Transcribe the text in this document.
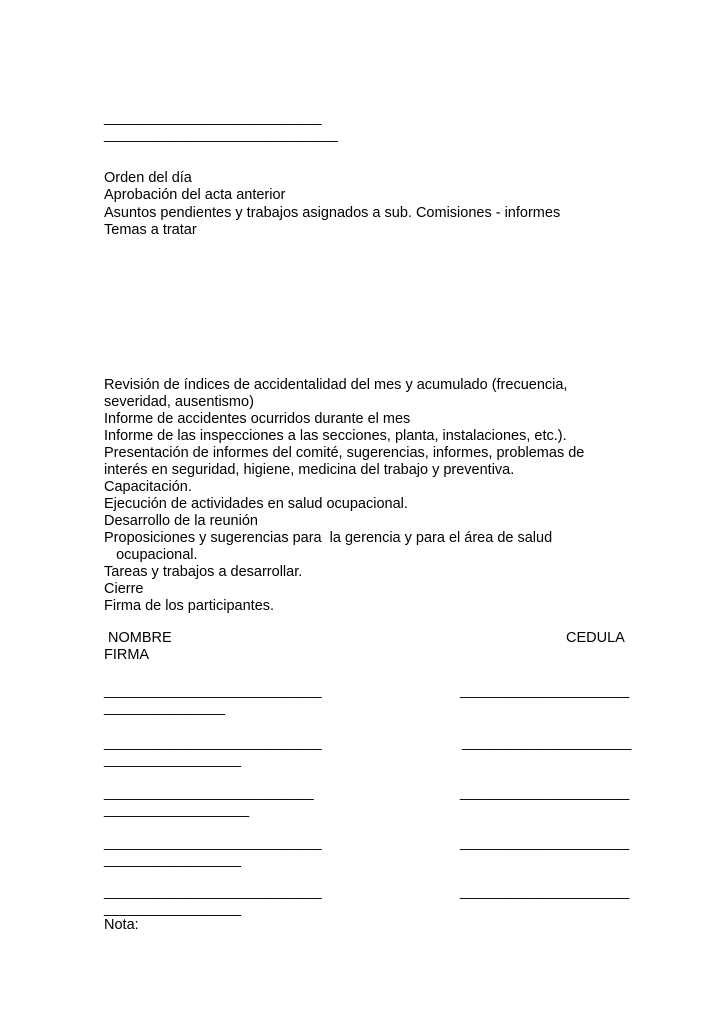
___________________________
_____________________________
Orden del día
Aprobación del acta anterior
Asuntos pendientes y trabajos asignados a sub. Comisiones - informes
Temas a tratar
Revisión de índices de accidentalidad del mes y acumulado (frecuencia,
severidad, ausentismo)
Informe de accidentes ocurridos durante el mes
Informe de las inspecciones a las secciones, planta, instalaciones, etc.).
Presentación de informes del comité, sugerencias, informes, problemas de
interés en seguridad, higiene, medicina del trabajo y preventiva.
Capacitación.
Ejecución de actividades en salud ocupacional.
Desarrollo de la reunión
Proposiciones y sugerencias para  la gerencia y para el área de salud
ocupacional.
Tareas y trabajos a desarrollar.
Cierre
Firma de los participantes.
NOMBRE	CEDULA
FIRMA
___________________________	_____________________
_______________
___________________________	_____________________
_________________
__________________________	_____________________
__________________
___________________________	_____________________
_________________
___________________________	_____________________
_________________
Nota:
